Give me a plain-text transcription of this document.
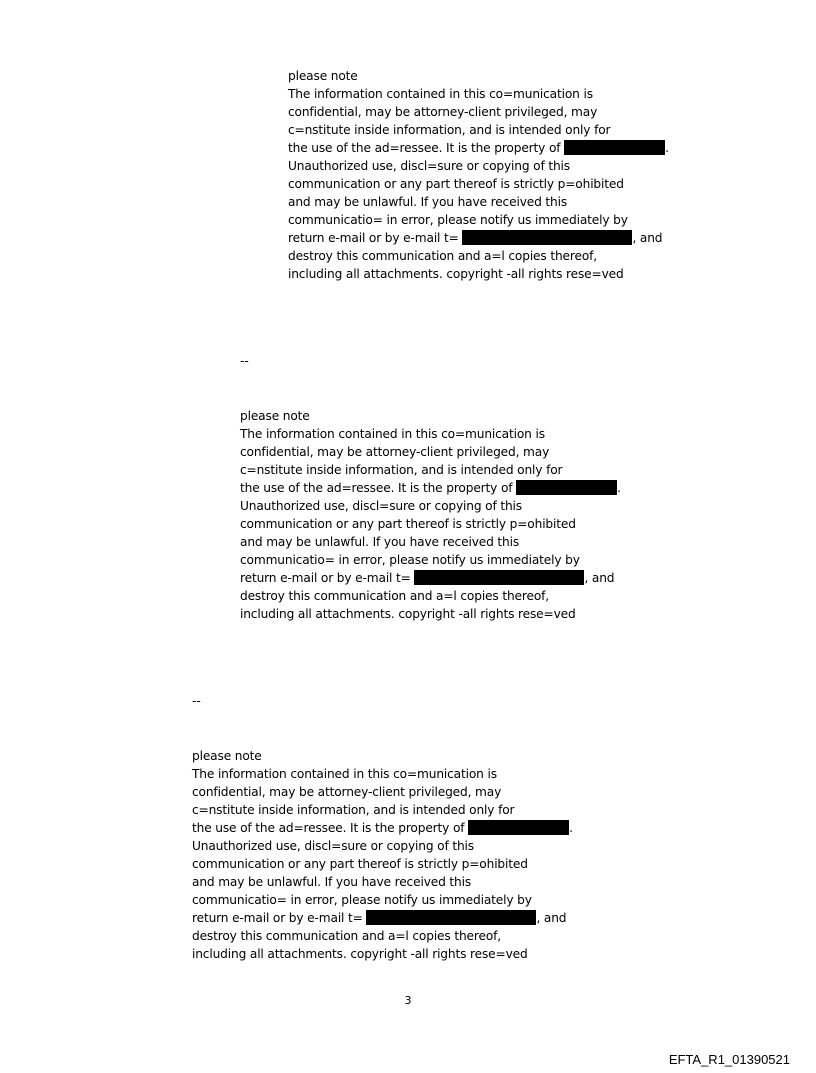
please note
The information contained in this co=munication is
confidential, may be attorney-client privileged, may
c=nstitute inside information, and is intended only for
the use of the ad=ressee. It is the property of	.
Unauthorized use, discl=sure or copying of this
communication or any part thereof is strictly p=ohibited
and may be unlawful. If you have received this
communicatio= in error, please notify us immediately by
return e-mail or by e-mail t=	, and
destroy this communication and a=l copies thereof,
including all attachments. copyright -all rights rese=ved
--
please note
The information contained in this co=munication is
confidential, may be attorney-client privileged, may
c=nstitute inside information, and is intended only for
the use of the ad=ressee. It is the property of	.
Unauthorized use, discl=sure or copying of this
communication or any part thereof is strictly p=ohibited
and may be unlawful. If you have received this
communicatio= in error, please notify us immediately by
return e-mail or by e-mail t=	, and
destroy this communication and a=l copies thereof,
including all attachments. copyright -all rights rese=ved
--
please note
The information contained in this co=munication is
confidential, may be attorney-client privileged, may
c=nstitute inside information, and is intended only for
the use of the ad=ressee. It is the property of	.
Unauthorized use, discl=sure or copying of this
communication or any part thereof is strictly p=ohibited
and may be unlawful. If you have received this
communicatio= in error, please notify us immediately by
return e-mail or by e-mail t=	, and
destroy this communication and a=l copies thereof,
including all attachments. copyright -all rights rese=ved
3
EFTA_R1_01390521
